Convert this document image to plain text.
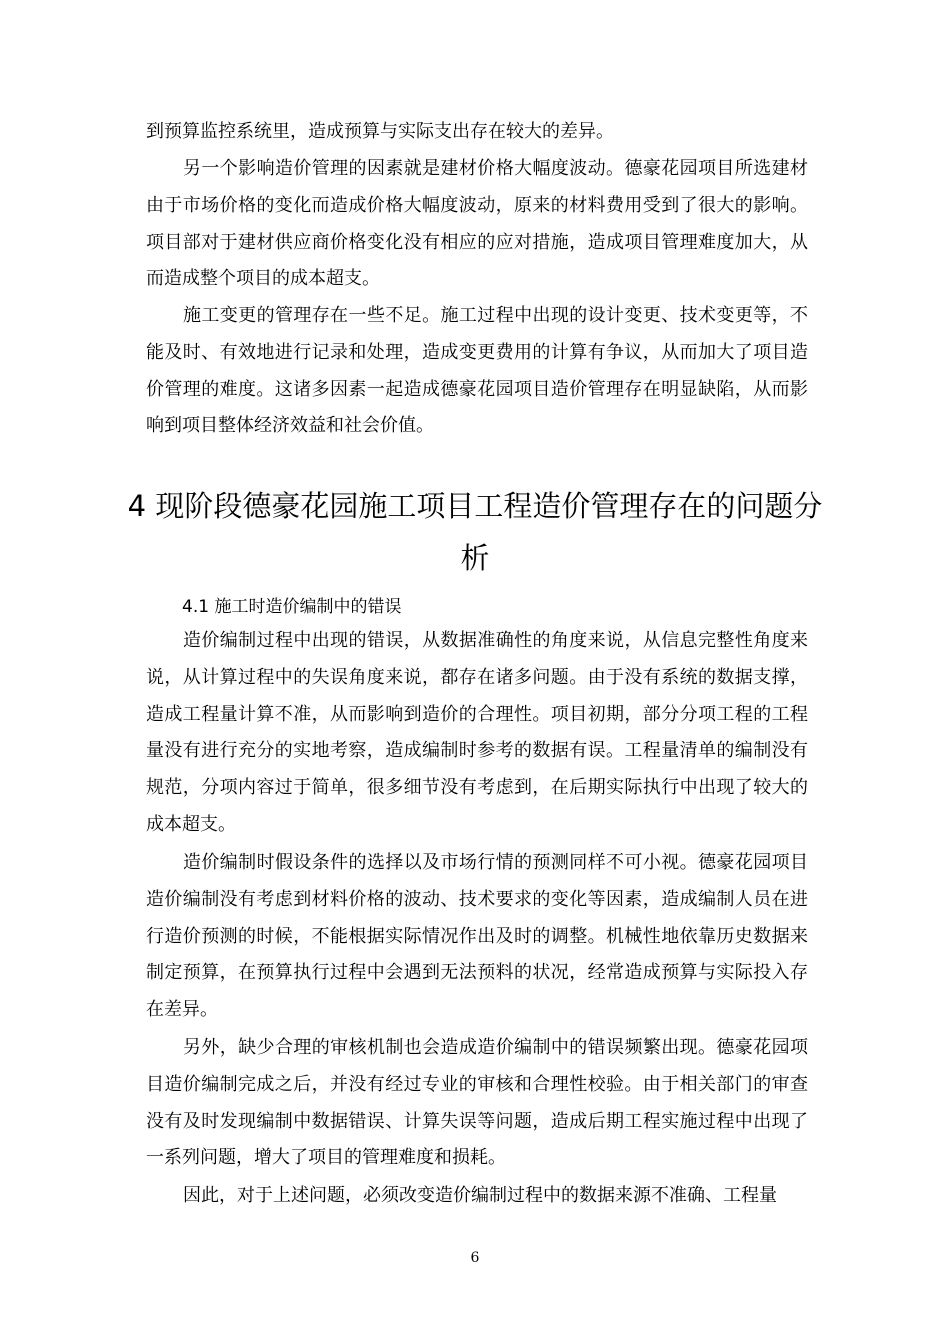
到预算监控系统里，造成预算与实际支出存在较大的差异。

另一个影响造价管理的因素就是建材价格大幅度波动。德豪花园项目所选建材由于市场价格的变化而造成价格大幅度波动，原来的材料费用受到了很大的影响。项目部对于建材供应商价格变化没有相应的应对措施，造成项目管理难度加大，从而造成整个项目的成本超支。

施工变更的管理存在一些不足。施工过程中出现的设计变更、技术变更等，不能及时、有效地进行记录和处理，造成变更费用的计算有争议，从而加大了项目造价管理的难度。这诸多因素一起造成德豪花园项目造价管理存在明显缺陷，从而影响到项目整体经济效益和社会价值。

4 现阶段德豪花园施工项目工程造价管理存在的问题分析
4.1 施工时造价编制中的错误

造价编制过程中出现的错误，从数据准确性的角度来说，从信息完整性角度来说，从计算过程中的失误角度来说，都存在诸多问题。由于没有系统的数据支撑，造成工程量计算不准，从而影响到造价的合理性。项目初期，部分分项工程的工程量没有进行充分的实地考察，造成编制时参考的数据有误。工程量清单的编制没有规范，分项内容过于简单，很多细节没有考虑到，在后期实际执行中出现了较大的成本超支。

造价编制时假设条件的选择以及市场行情的预测同样不可小视。德豪花园项目造价编制没有考虑到材料价格的波动、技术要求的变化等因素，造成编制人员在进行造价预测的时候，不能根据实际情况作出及时的调整。机械性地依靠历史数据来制定预算，在预算执行过程中会遇到无法预料的状况，经常造成预算与实际投入存在差异。

另外，缺少合理的审核机制也会造成造价编制中的错误频繁出现。德豪花园项目造价编制完成之后，并没有经过专业的审核和合理性校验。由于相关部门的审查没有及时发现编制中数据错误、计算失误等问题，造成后期工程实施过程中出现了一系列问题，增大了项目的管理难度和损耗。

因此，对于上述问题，必须改变造价编制过程中的数据来源不准确、工程量

6
